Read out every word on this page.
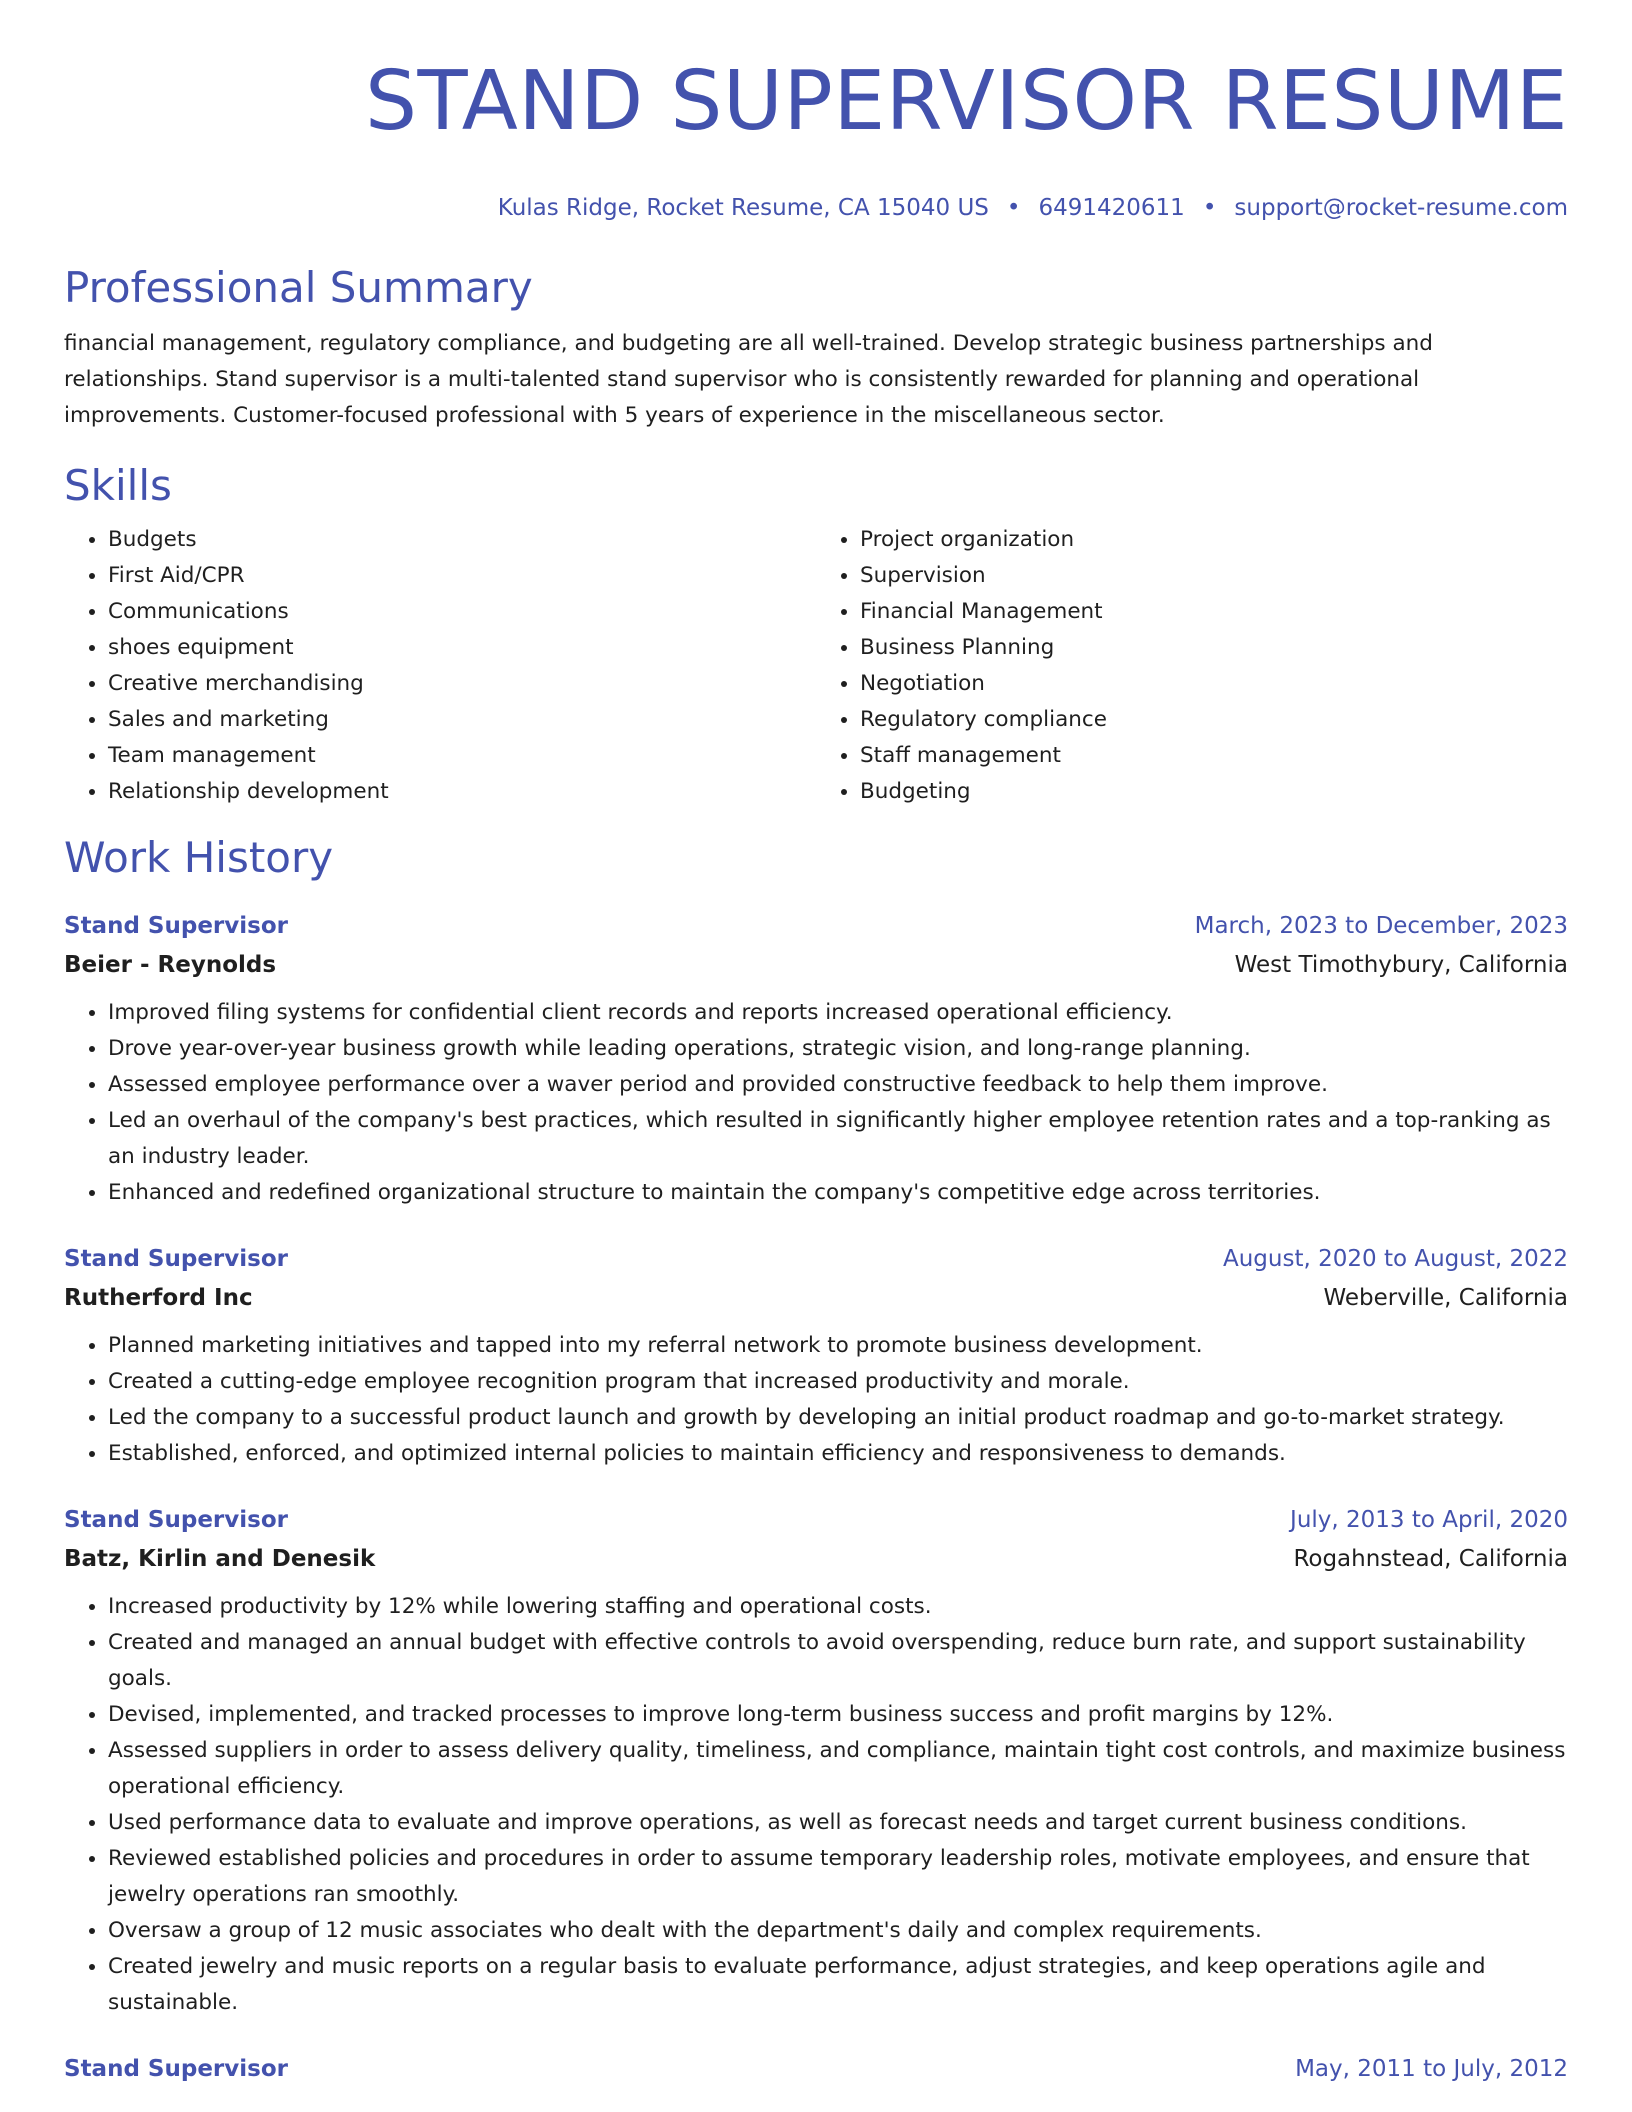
STAND SUPERVISOR RESUME
Kulas Ridge, Rocket Resume, CA 15040 US • 6491420611 • support@rocket-resume.com
Professional Summary
financial management, regulatory compliance, and budgeting are all well-trained. Develop strategic business partnerships and relationships. Stand supervisor is a multi-talented stand supervisor who is consistently rewarded for planning and operational improvements. Customer-focused professional with 5 years of experience in the miscellaneous sector.
Skills
• Budgets
• First Aid/CPR
• Communications
• shoes equipment
• Creative merchandising
• Sales and marketing
• Team management
• Relationship development
• Project organization
• Supervision
• Financial Management
• Business Planning
• Negotiation
• Regulatory compliance
• Staff management
• Budgeting
Work History
Stand Supervisor	March, 2023 to December, 2023
Beier - Reynolds	West Timothybury, California
• Improved filing systems for confidential client records and reports increased operational efficiency.
• Drove year-over-year business growth while leading operations, strategic vision, and long-range planning.
• Assessed employee performance over a waver period and provided constructive feedback to help them improve.
• Led an overhaul of the company's best practices, which resulted in significantly higher employee retention rates and a top-ranking as an industry leader.
• Enhanced and redefined organizational structure to maintain the company's competitive edge across territories.
Stand Supervisor	August, 2020 to August, 2022
Rutherford Inc	Weberville, California
• Planned marketing initiatives and tapped into my referral network to promote business development.
• Created a cutting-edge employee recognition program that increased productivity and morale.
• Led the company to a successful product launch and growth by developing an initial product roadmap and go-to-market strategy.
• Established, enforced, and optimized internal policies to maintain efficiency and responsiveness to demands.
Stand Supervisor	July, 2013 to April, 2020
Batz, Kirlin and Denesik	Rogahnstead, California
• Increased productivity by 12% while lowering staffing and operational costs.
• Created and managed an annual budget with effective controls to avoid overspending, reduce burn rate, and support sustainability goals.
• Devised, implemented, and tracked processes to improve long-term business success and profit margins by 12%.
• Assessed suppliers in order to assess delivery quality, timeliness, and compliance, maintain tight cost controls, and maximize business operational efficiency.
• Used performance data to evaluate and improve operations, as well as forecast needs and target current business conditions.
• Reviewed established policies and procedures in order to assume temporary leadership roles, motivate employees, and ensure that jewelry operations ran smoothly.
• Oversaw a group of 12 music associates who dealt with the department's daily and complex requirements.
• Created jewelry and music reports on a regular basis to evaluate performance, adjust strategies, and keep operations agile and sustainable.
Stand Supervisor	May, 2011 to July, 2012
